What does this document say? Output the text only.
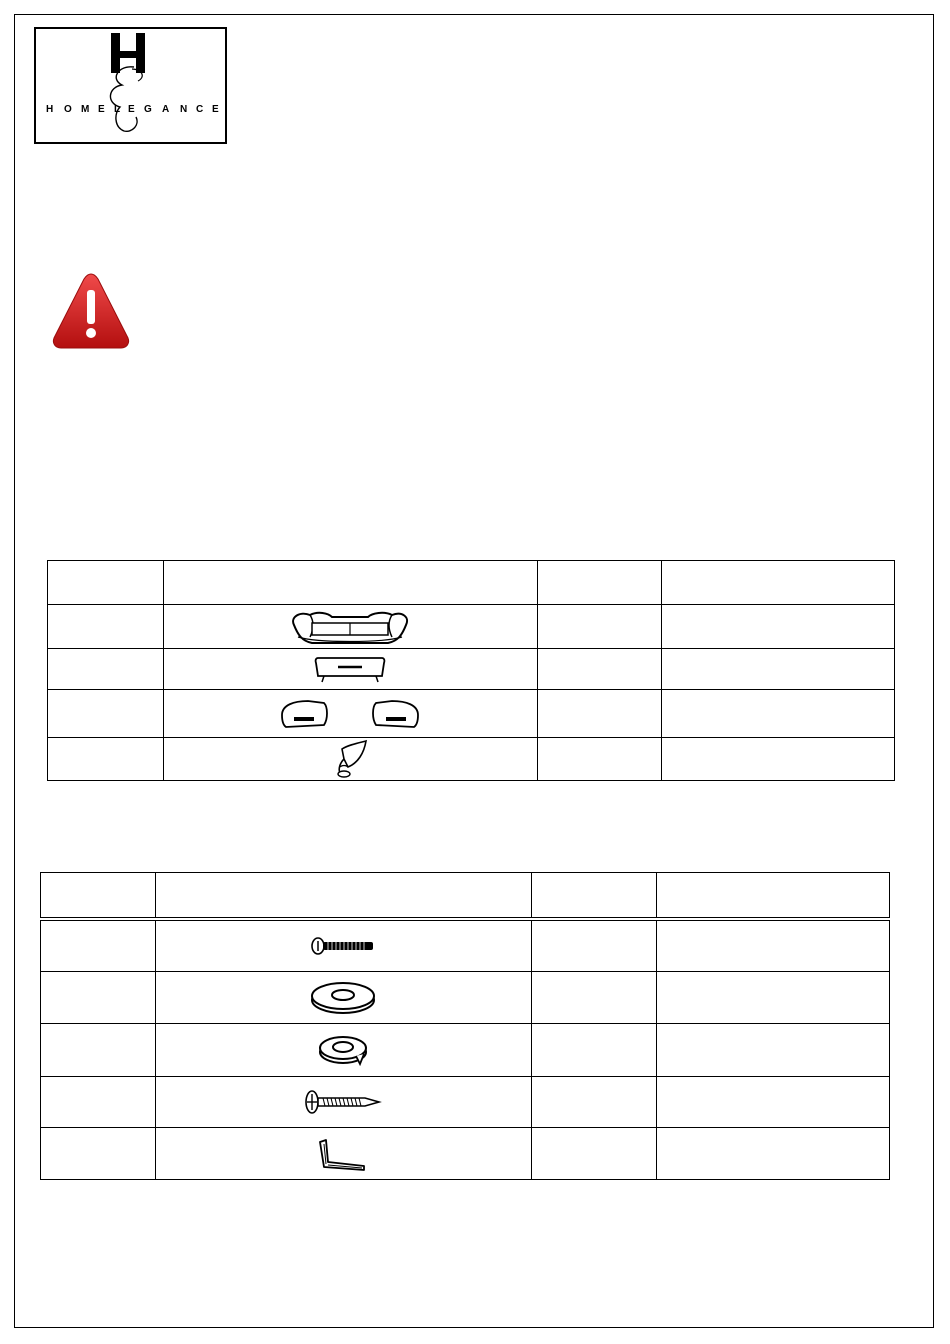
H O M E L E G A N C E
